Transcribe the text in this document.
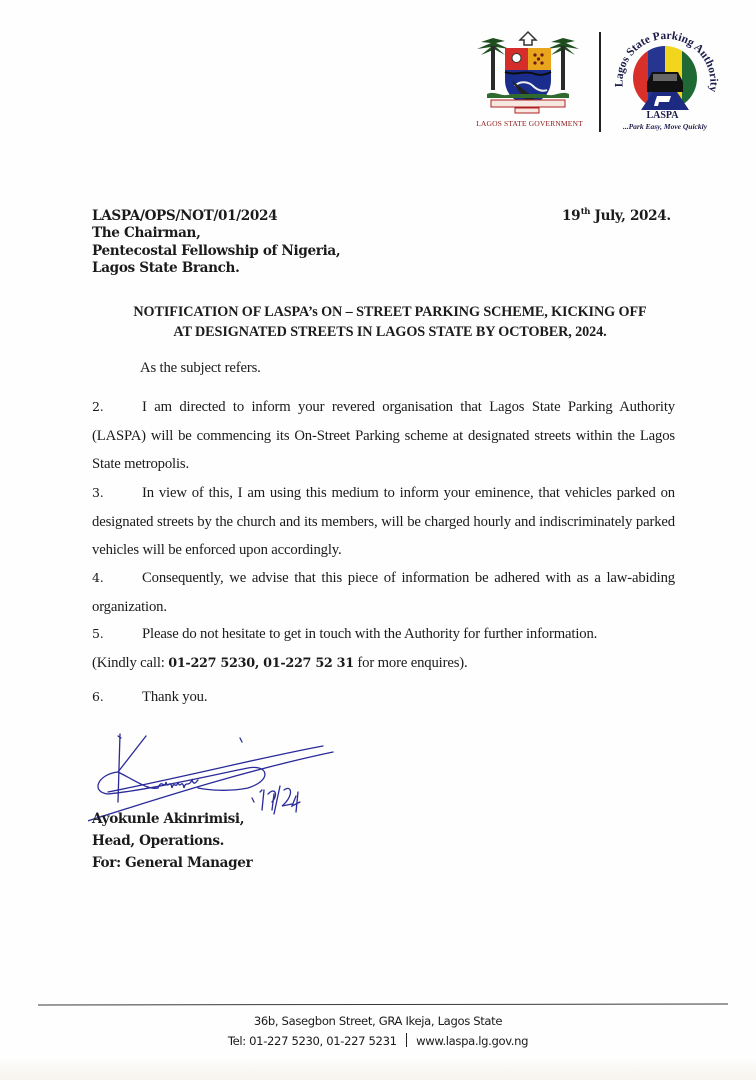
LAGOS STATE GOVERNMENT
Lagos State Parking Authority
LASPA
...Park Easy, Move Quickly
LASPA/OPS/NOT/01/2024
The Chairman,
Pentecostal Fellowship of Nigeria,
Lagos State Branch.
19th July, 2024.
NOTIFICATION OF LASPA’s ON – STREET PARKING SCHEME, KICKING OFF
AT DESIGNATED STREETS IN LAGOS STATE BY OCTOBER, 2024.
As the subject refers.
2.	I am directed to inform your revered organisation that Lagos State Parking Authority (LASPA) will be commencing its On-Street Parking scheme at designated streets within the Lagos State metropolis.
3.	In view of this, I am using this medium to inform your eminence, that vehicles parked on designated streets by the church and its members, will be charged hourly and indiscriminately parked vehicles will be enforced upon accordingly.
4.	Consequently, we advise that this piece of information be adhered with as a law-abiding organization.
5.	Please do not hesitate to get in touch with the Authority for further information.
(Kindly call: 01-227 5230, 01-227 52 31 for more enquires).
6.	Thank you.
Ayokunle Akinrimisi,
Head, Operations.
For: General Manager
36b, Sasegbon Street, GRA Ikeja, Lagos State
Tel: 01-227 5230, 01-227 5231 www.laspa.lg.gov.ng
